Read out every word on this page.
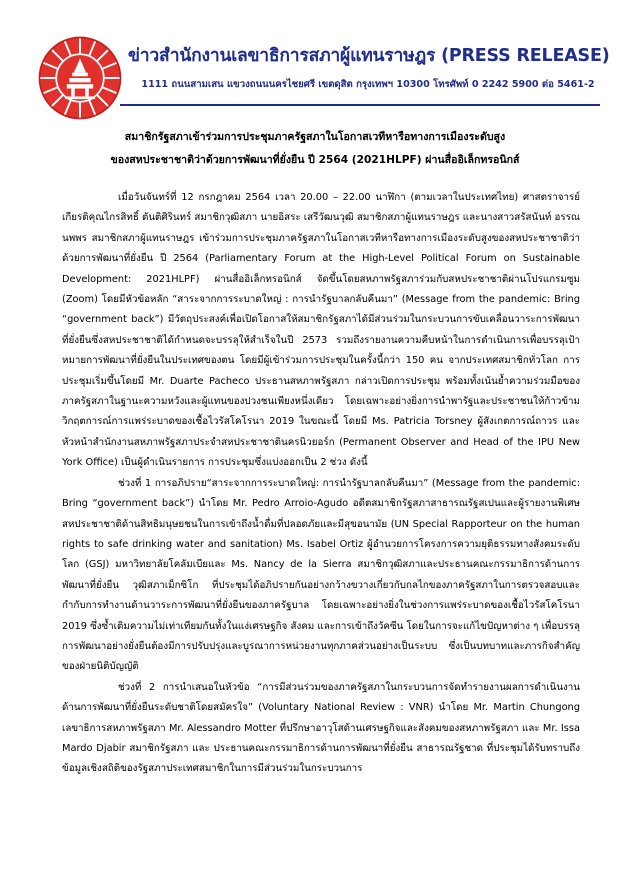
ข่าวสำนักงานเลขาธิการสภาผู้แทนราษฎร (PRESS RELEASE)
1111 ถนนสามเสน แขวงถนนนครไชยศรี เขตดุสิต กรุงเทพฯ 10300 โทรศัพท์ 0 2242 5900 ต่อ 5461-2
สมาชิกรัฐสภาเข้าร่วมการประชุมภาครัฐสภาในโอกาสเวทีหารือทางการเมืองระดับสูง
ของสหประชาชาติว่าด้วยการพัฒนาที่ยั่งยืน ปี 2564 (2021HLPF) ผ่านสื่ออิเล็กทรอนิกส์

เมื่อวันจันทร์ที่ 12 กรกฎาคม 2564 เวลา 20.00 – 22.00 นาฬิกา (ตามเวลาในประเทศไทย) ศาสตราจารย์เกียรติคุณไกรสิทธิ์ ตันติศิรินทร์ สมาชิกวุฒิสภา นายอิสระ เสรีวัฒนวุฒิ สมาชิกสภาผู้แทนราษฎร และนางสาวสรัสนันท์ อรรณนพพร สมาชิกสภาผู้แทนราษฎร เข้าร่วมการประชุมภาครัฐสภาในโอกาสเวทีหารือทางการเมืองระดับสูงของสหประชาชาติว่าด้วยการพัฒนาที่ยั่งยืน ปี 2564 (Parliamentary Forum at the High-Level Political Forum on Sustainable Development: 2021HLPF) ผ่านสื่ออิเล็กทรอนิกส์ จัดขึ้นโดยสหภาพรัฐสภาร่วมกับสหประชาชาติผ่านโปรแกรมซูม (Zoom) โดยมีหัวข้อหลัก “สาระจากการระบาดใหญ่ : การนำรัฐบาลกลับคืนมา” (Message from the pandemic: Bring “government back”) มีวัตถุประสงค์เพื่อเปิดโอกาสให้สมาชิกรัฐสภาได้มีส่วนร่วมในกระบวนการขับเคลื่อนวาระการพัฒนาที่ยั่งยืนซึ่งสหประชาชาติได้กำหนดจะบรรลุให้สำเร็จในปี 2573 รวมถึงรายงานความคืบหน้าในการดำเนินการเพื่อบรรลุเป้าหมายการพัฒนาที่ยั่งยืนในประเทศของตน โดยมีผู้เข้าร่วมการประชุมในครั้งนี้กว่า 150 คน จากประเทศสมาชิกทั่วโลก การประชุมเริ่มขึ้นโดยมี Mr. Duarte Pacheco ประธานสหภาพรัฐสภา กล่าวเปิดการประชุม พร้อมทั้งเน้นย้ำความร่วมมือของภาครัฐสภาในฐานะความหวังและผู้แทนของปวงชนเพียงหนึ่งเดียว โดยเฉพาะอย่างยิ่งการนำพารัฐและประชาชนให้ก้าวข้ามวิกฤตการณ์การแพร่ระบาดของเชื้อไวรัสโคโรนา 2019 ในขณะนี้ โดยมี Ms. Patricia Torsney ผู้สังเกตการณ์ถาวร และหัวหน้าสำนักงานสหภาพรัฐสภาประจำสหประชาชาตินครนิวยอร์ก (Permanent Observer and Head of the IPU New York Office) เป็นผู้ดำเนินรายการ การประชุมซึ่งแบ่งออกเป็น 2 ช่วง ดังนี้

ช่วงที่ 1 การอภิปราย“สาระจากการระบาดใหญ่: การนำรัฐบาลกลับคืนมา” (Message from the pandemic: Bring “government back”) นำโดย Mr. Pedro Arroio-Agudo อดีตสมาชิกรัฐสภาสาธารณรัฐสเปนและผู้รายงานพิเศษสหประชาชาติด้านสิทธิมนุษยชนในการเข้าถึงน้ำดื่มที่ปลอดภัยและมีสุขอนามัย (UN Special Rapporteur on the human rights to safe drinking water and sanitation) Ms. Isabel Ortiz ผู้อำนวยการโครงการความยุติธรรมทางสังคมระดับโลก (GSJ) มหาวิทยาลัยโคลัมเบียและ Ms. Nancy de la Sierra สมาชิกวุฒิสภาและประธานคณะกรรมาธิการด้านการพัฒนาที่ยั่งยืน วุฒิสภาเม็กซิโก ที่ประชุมได้อภิปรายกันอย่างกว้างขวางเกี่ยวกับกลไกของภาครัฐสภาในการตรวจสอบและกำกับการทำงานด้านวาระการพัฒนาที่ยั่งยืนของภาครัฐบาล โดยเฉพาะอย่างยิ่งในช่วงการแพร่ระบาดของเชื้อไวรัสโคโรนา 2019 ซึ่งซ้ำเติมความไม่เท่าเทียมกันทั้งในแง่เศรษฐกิจ สังคม และการเข้าถึงวัคซีน โดยในการจะแก้ไขปัญหาต่าง ๆ เพื่อบรรลุการพัฒนาอย่างยั่งยืนต้องมีการปรับปรุงและบูรณาการหน่วยงานทุกภาคส่วนอย่างเป็นระบบ ซึ่งเป็นบทบาทและภารกิจสำคัญของฝ่ายนิติบัญญัติ

ช่วงที่ 2 การนำเสนอในหัวข้อ “การมีส่วนร่วมของภาครัฐสภาในกระบวนการจัดทำรายงานผลการดำเนินงานด้านการพัฒนาที่ยั่งยืนระดับชาติโดยสมัครใจ” (Voluntary National Review : VNR) นำโดย Mr. Martin Chungong เลขาธิการสหภาพรัฐสภา Mr. Alessandro Motter ที่ปรึกษาอาวุโสด้านเศรษฐกิจและสังคมของสหภาพรัฐสภา และ Mr. Issa Mardo Djabir สมาชิกรัฐสภา และ ประธานคณะกรรมาธิการด้านการพัฒนาที่ยั่งยืน สาธารณรัฐชาด ที่ประชุมได้รับทราบถึงข้อมูลเชิงสถิติของรัฐสภาประเทศสมาชิกในการมีส่วนร่วมในกระบวนการ
